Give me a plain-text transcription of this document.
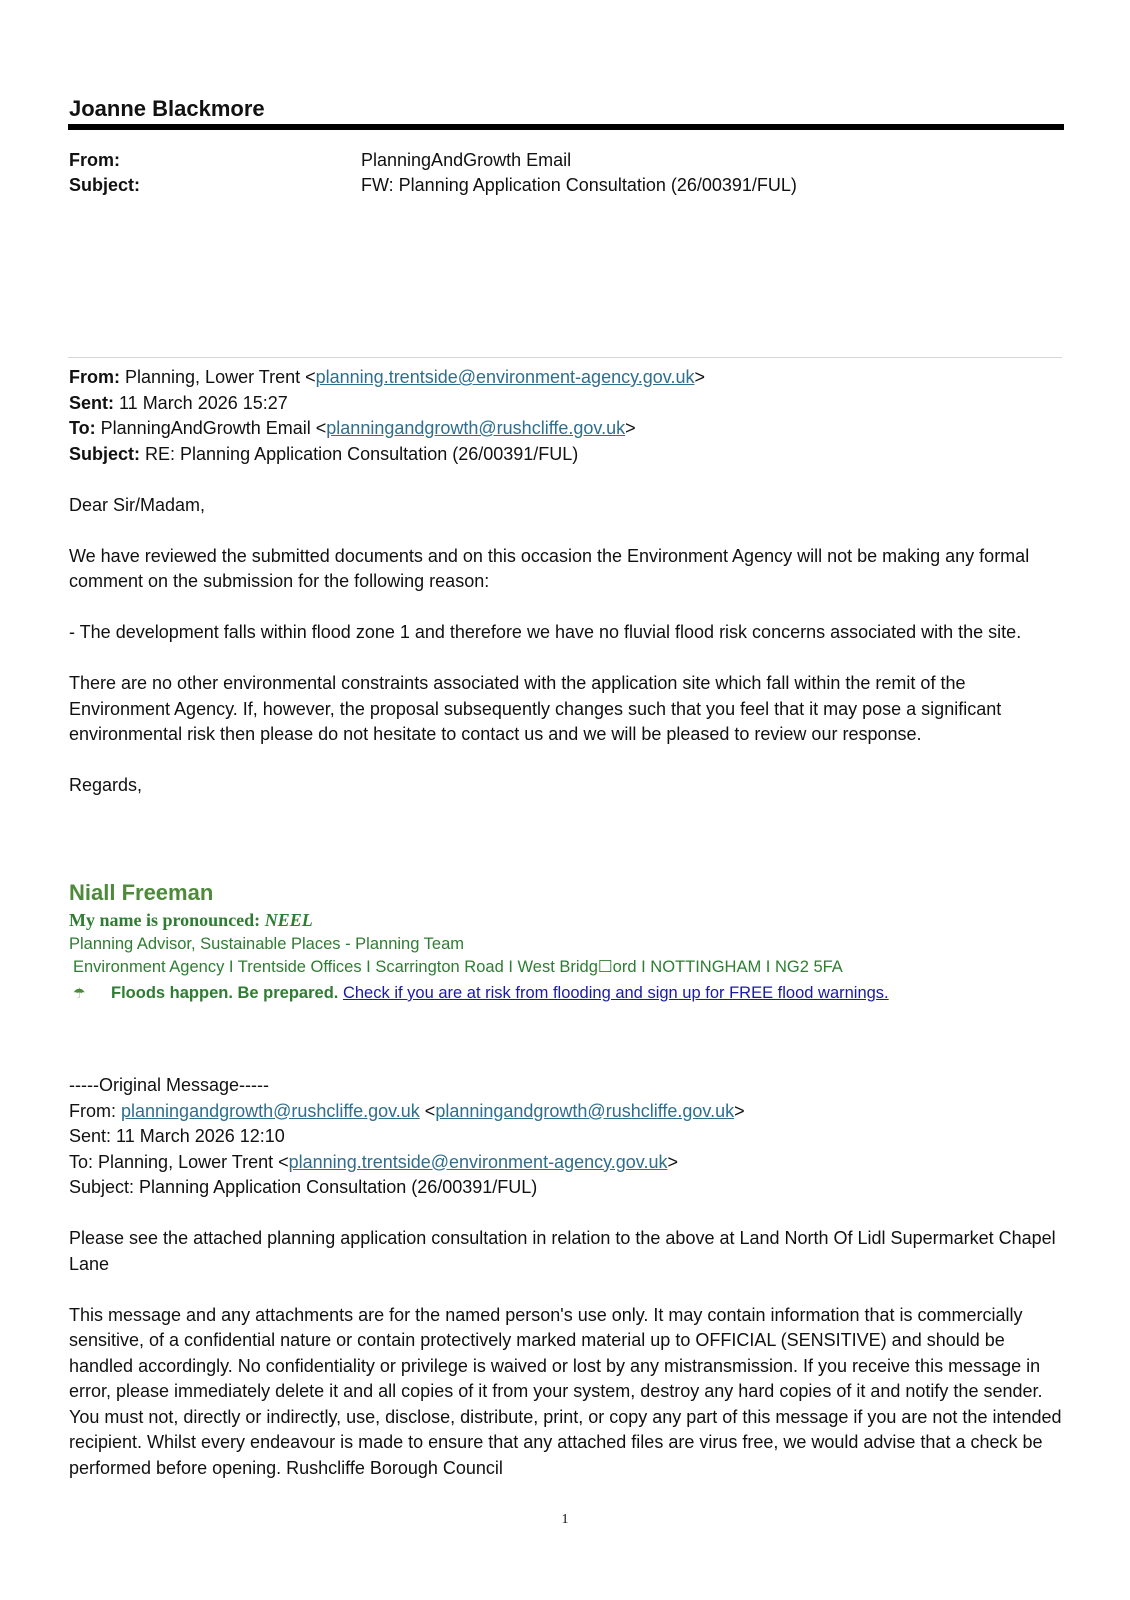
Joanne Blackmore
From:	PlanningAndGrowth Email
Subject:	FW: Planning Application Consultation (26/00391/FUL)

From: Planning, Lower Trent <planning.trentside@environment-agency.gov.uk>

Sent: 11 March 2026 15:27

To: PlanningAndGrowth Email <planningandgrowth@rushcliffe.gov.uk>

Subject: RE: Planning Application Consultation (26/00391/FUL)

Dear Sir/Madam,

We have reviewed the submitted documents and on this occasion the Environment Agency will not be making any formal comment on the submission for the following reason:

- The development falls within flood zone 1 and therefore we have no fluvial flood risk concerns associated with the site.

There are no other environmental constraints associated with the application site which fall within the remit of the Environment Agency. If, however, the proposal subsequently changes such that you feel that it may pose a significant environmental risk then please do not hesitate to contact us and we will be pleased to review our response.

Regards,

Niall Freeman
My name is pronounced: NEEL
Planning Advisor, Sustainable Places - Planning Team
Environment Agency I Trentside Offices I Scarrington Road I West Bridg☐ord I NOTTINGHAM I NG2 5FA
☂ Floods happen. Be prepared. Check if you are at risk from flooding and sign up for FREE flood warnings.

-----Original Message-----

From: planningandgrowth@rushcliffe.gov.uk <planningandgrowth@rushcliffe.gov.uk>

Sent: 11 March 2026 12:10

To: Planning, Lower Trent <planning.trentside@environment-agency.gov.uk>

Subject: Planning Application Consultation (26/00391/FUL)

Please see the attached planning application consultation in relation to the above at Land North Of Lidl Supermarket Chapel Lane

This message and any attachments are for the named person's use only. It may contain information that is commercially sensitive, of a confidential nature or contain protectively marked material up to OFFICIAL (SENSITIVE) and should be handled accordingly. No confidentiality or privilege is waived or lost by any mistransmission. If you receive this message in error, please immediately delete it and all copies of it from your system, destroy any hard copies of it and notify the sender. You must not, directly or indirectly, use, disclose, distribute, print, or copy any part of this message if you are not the intended recipient. Whilst every endeavour is made to ensure that any attached files are virus free, we would advise that a check be performed before opening. Rushcliffe Borough Council

1
